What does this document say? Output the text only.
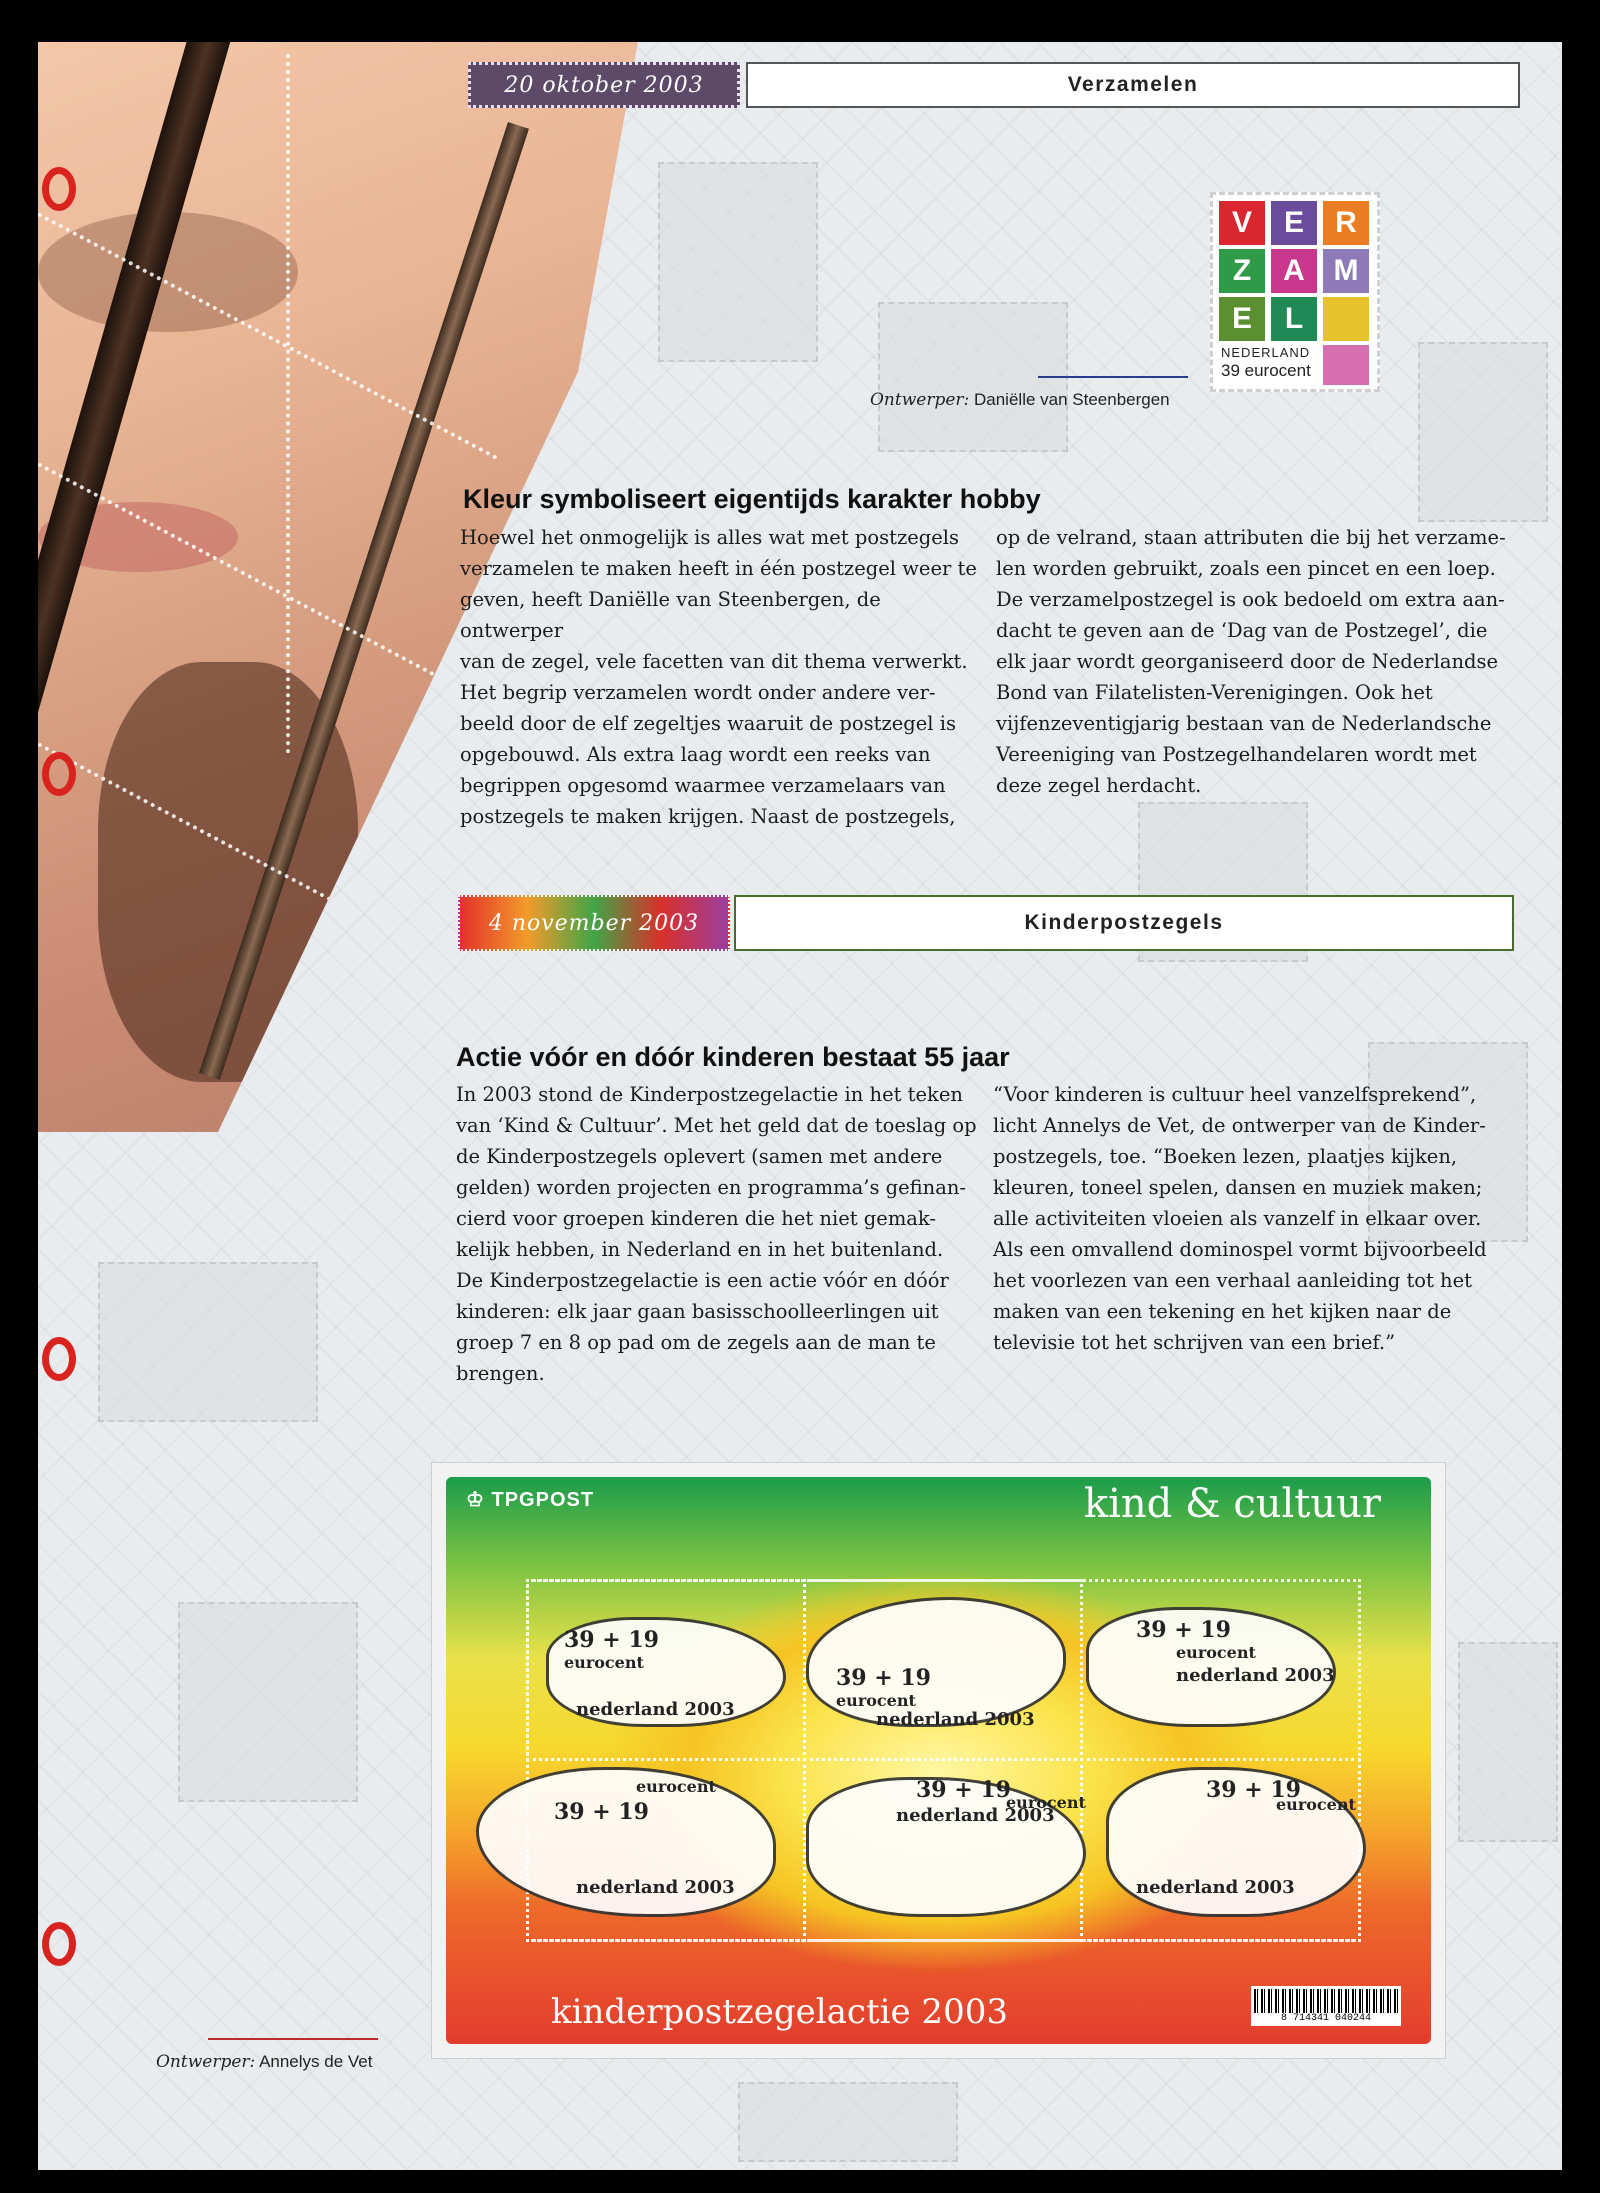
20 oktober 2003	Verzamelen
V	E	R
Z	A M
E	L
NEDERLAND
39 eurocent
Ontwerper: Daniëlle van Steenbergen
Kleur symboliseert eigentijds karakter hobby
Hoewel het onmogelijk is alles wat met postzegels
verzamelen te maken heeft in één postzegel weer te
geven, heeft Daniëlle van Steenbergen, de ontwerper
van de zegel, vele facetten van dit thema verwerkt.
Het begrip verzamelen wordt onder andere ver-
beeld door de elf zegeltjes waaruit de postzegel is
opgebouwd. Als extra laag wordt een reeks van
begrippen opgesomd waarmee verzamelaars van
postzegels te maken krijgen. Naast de postzegels,
op de velrand, staan attributen die bij het verzame-
len worden gebruikt, zoals een pincet en een loep.
De verzamelpostzegel is ook bedoeld om extra aan-
dacht te geven aan de ‘Dag van de Postzegel’, die
elk jaar wordt georganiseerd door de Nederlandse
Bond van Filatelisten-Verenigingen. Ook het
vijfenzeventigjarig bestaan van de Nederlandsche
Vereeniging van Postzegelhandelaren wordt met
deze zegel herdacht.
4 november 2003	Kinderpostzegels
Actie vóór en dóór kinderen bestaat 55 jaar
In 2003 stond de Kinderpostzegelactie in het teken
van ‘Kind & Cultuur’. Met het geld dat de toeslag op
de Kinderpostzegels oplevert (samen met andere
gelden) worden projecten en programma’s gefinan-
cierd voor groepen kinderen die het niet gemak-
kelijk hebben, in Nederland en in het buitenland.
De Kinderpostzegelactie is een actie vóór en dóór
kinderen: elk jaar gaan basisschoolleerlingen uit
groep 7 en 8 op pad om de zegels aan de man te
brengen.
“Voor kinderen is cultuur heel vanzelfsprekend”,
licht Annelys de Vet, de ontwerper van de Kinder-
postzegels, toe. “Boeken lezen, plaatjes kijken,
kleuren, toneel spelen, dansen en muziek maken;
alle activiteiten vloeien als vanzelf in elkaar over.
Als een omvallend dominospel vormt bijvoorbeeld
het voorlezen van een verhaal aanleiding tot het
maken van een tekening en het kijken naar de
televisie tot het schrijven van een brief.”
♔ TPGPOST	kind & cultuur
kinderpostzegelactie 2003
39 + 19
eurocent
nederland 2003
39 + 19
eurocent
nederland 2003
39 + 19
eurocent
nederland 2003
39 + 19
eurocent
nederland 2003
39 + 19
eurocent
nederland 2003
39 + 19
eurocent
nederland 2003
8 714341 040244
Ontwerper: Annelys de Vet
